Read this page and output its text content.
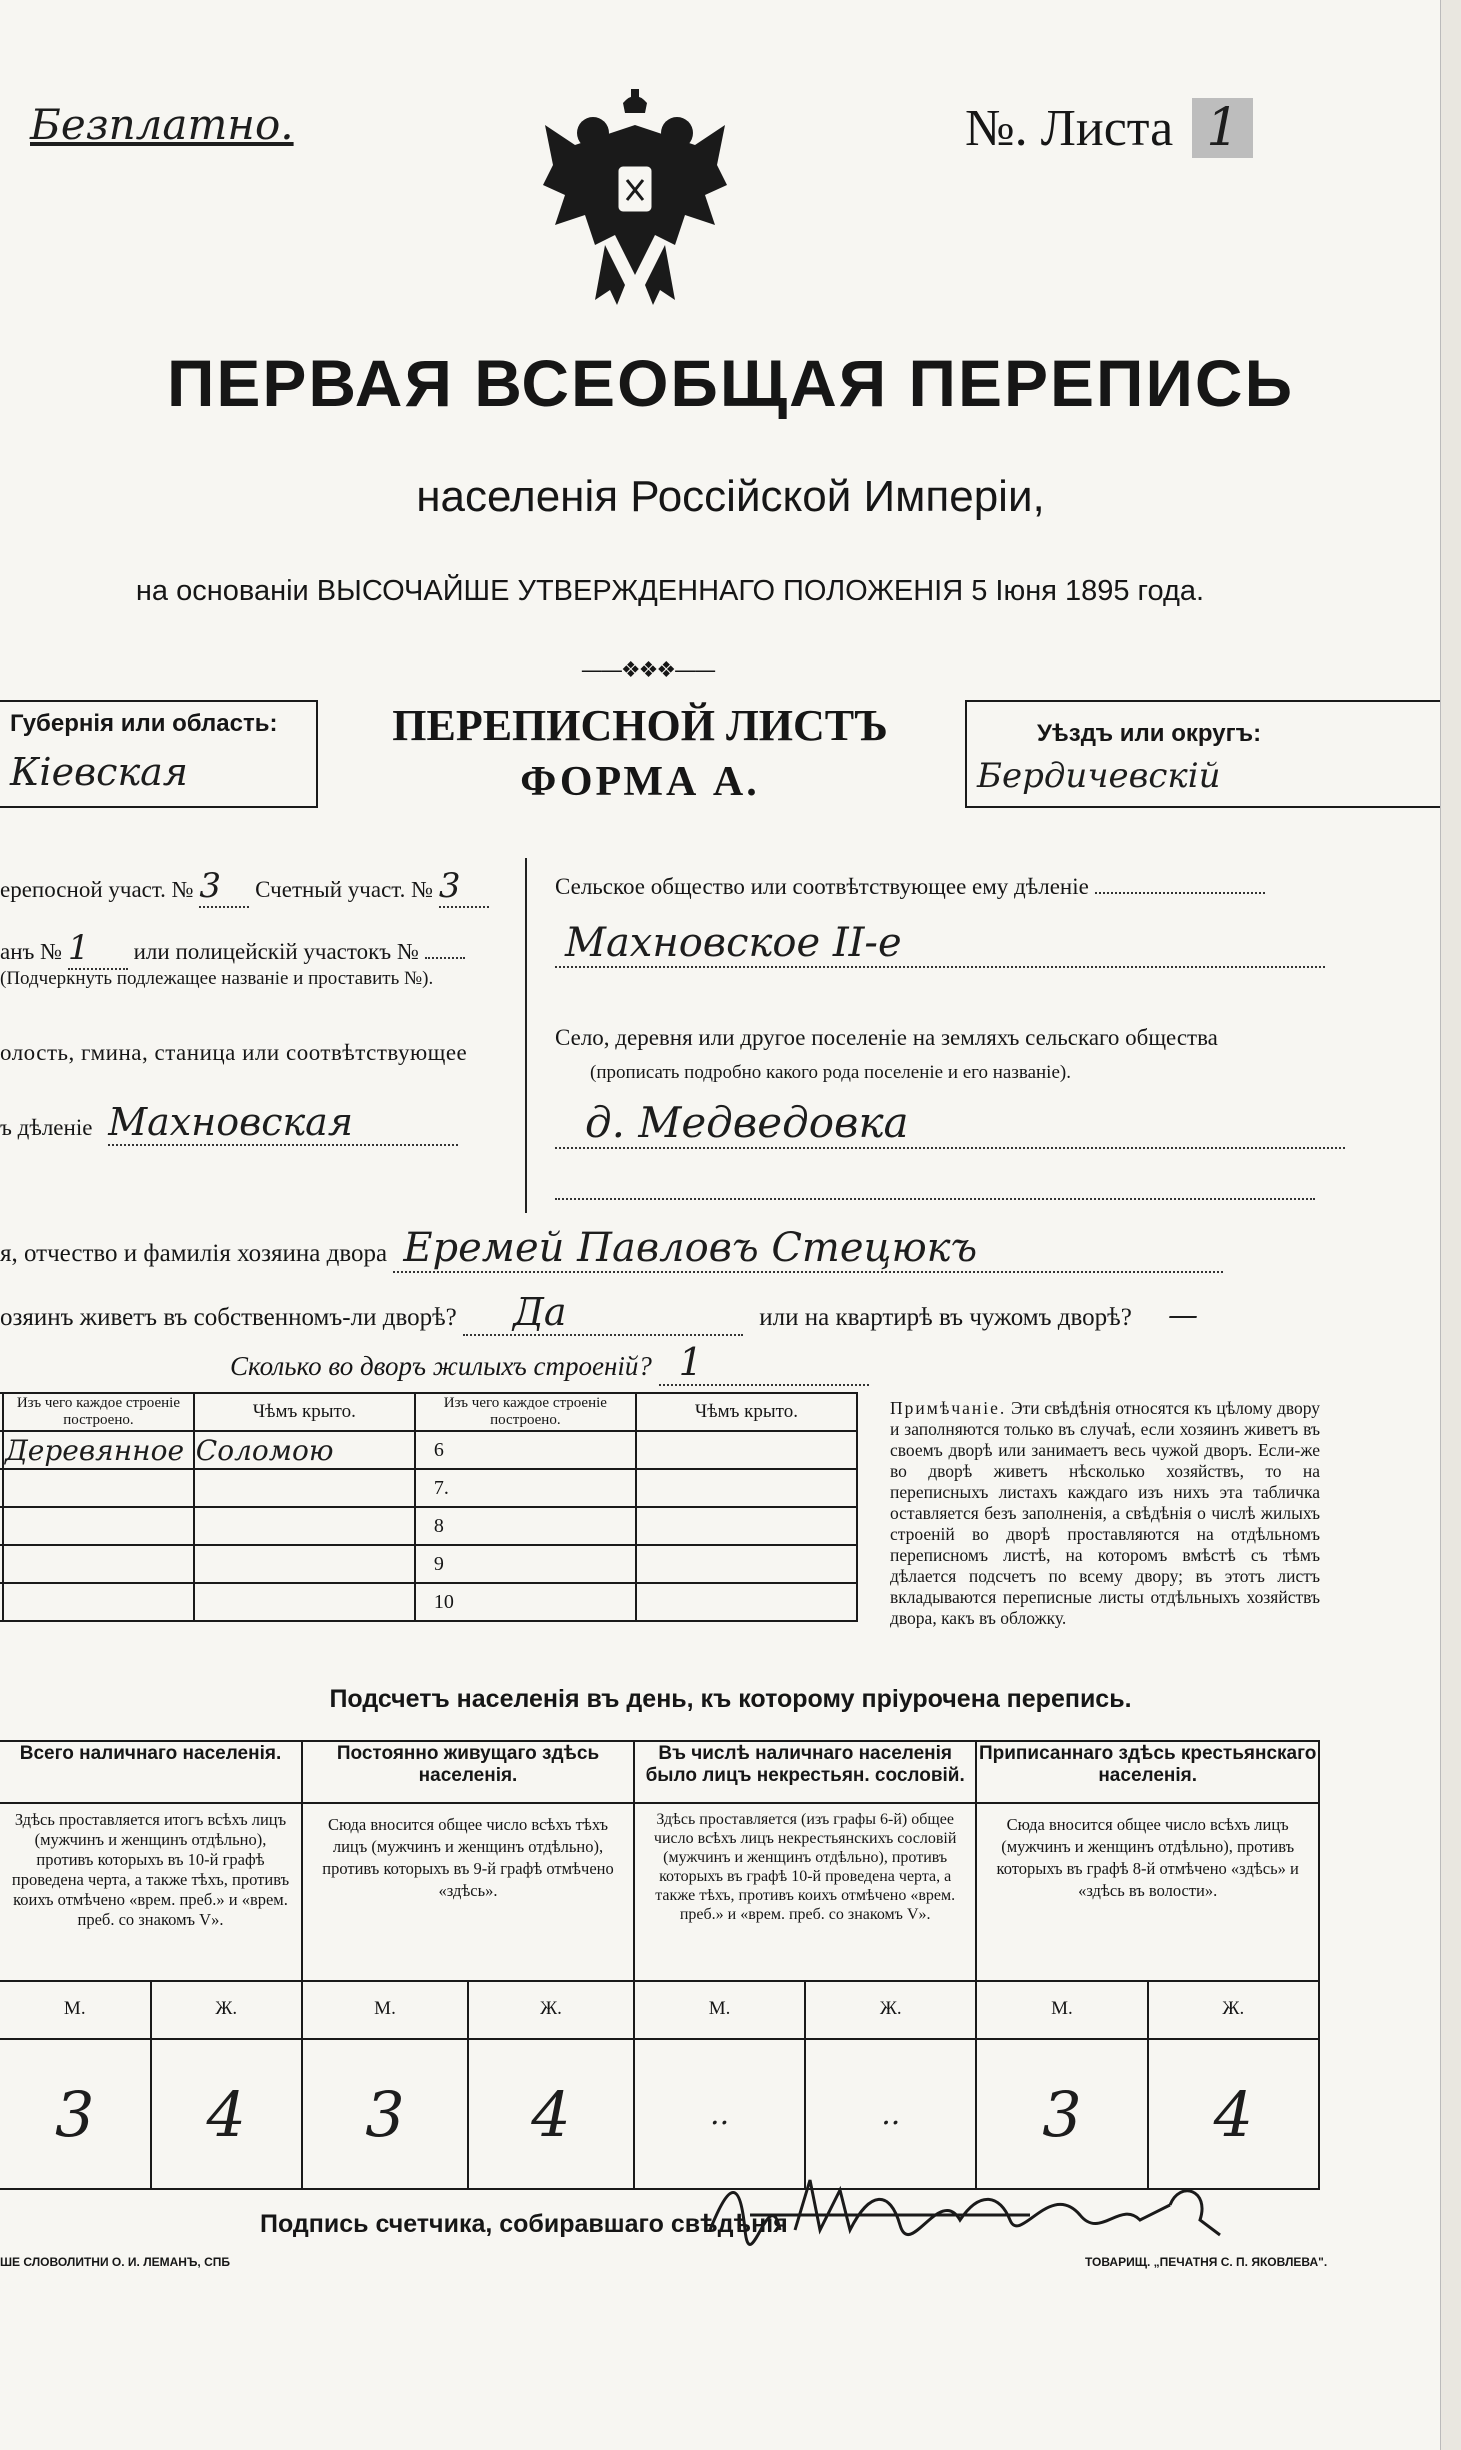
Безплатно.	№. Листа 1
ПЕРВАЯ ВСЕОБЩАЯ ПЕРЕПИСЬ
населенія Россійской Имперіи,
на основаніи ВЫСОЧАЙШЕ УТВЕРЖДЕННАГО ПОЛОЖЕНІЯ 5 Іюня 1895 года.
——❖❖❖——
Губернія или область:
Кіевская
ПЕРЕПИСНОЙ ЛИСТЪ
ФОРМА А.
Уѣздъ или округъ:
Бердичевскій
ерепосной участ. № 3 Счетный участ. № 3
анъ № 1 или полицейскій участокъ №
(Подчеркнуть подлежащее названіе и проставить №).
олость, гмина, станица или соотвѣтствующее
ъ дѣленіе Махновская
Сельское общество или соотвѣтствующее ему дѣленіе
Махновское II-е
Село, деревня или другое поселеніе на земляхъ сельскаго общества
(прописать подробно какого рода поселеніе и его названіе).
д. Медведовка
я, отчество и фамилія хозяина двора Еремей Павловъ Стецюкъ
озяинъ живетъ въ собственномъ-ли дворѣ? Да	или на квартирѣ въ чужомъ дворѣ? —
Сколько во дворъ жилыхъ строеній? 1
	Изъ чего каждое строеніе построено.	Чѣмъ крыто.	Изъ чего каждое строеніе построено.	Чѣмъ крыто.
	Деревянное	Соломою	6	
			7.	
			8	
			9	
			10	
Примѣчаніе. Эти свѣдѣнія относятся къ цѣлому двору и заполняются только въ случаѣ, если хозяинъ живетъ въ своемъ дворѣ или занимаетъ весь чужой дворъ. Если-же во дворѣ живетъ нѣсколько хозяйствъ, то на переписныхъ листахъ каждаго изъ нихъ эта табличка оставляется безъ заполненія, а свѣдѣнія о числѣ жилыхъ строеній во дворѣ проставляются на отдѣльномъ переписномъ листѣ, на которомъ вмѣстѣ съ тѣмъ дѣлается подсчетъ по всему двору; въ этотъ листъ вкладываются переписные листы отдѣльныхъ хозяйствъ двора, какъ въ обложку.
Подсчетъ населенія въ день, къ которому пріурочена перепись.
Всего наличнаго населенія.		Постоянно живущаго здѣсь населенія.		Въ числѣ наличнаго населенія было лицъ некрестьян. сословій.		Приписаннаго здѣсь крестьянскаго населенія.	
Здѣсь проставляется итогъ всѣхъ лицъ (мужчинъ и женщинъ отдѣльно), противъ которыхъ въ 10-й графѣ проведена черта, а также тѣхъ, противъ коихъ отмѣчено «врем. преб.» и «врем. преб. со знакомъ V».		Сюда вносится общее число всѣхъ тѣхъ лицъ (мужчинъ и женщинъ отдѣльно), противъ которыхъ въ 9-й графѣ отмѣчено «здѣсь».		Здѣсь проставляется (изъ графы 6-й) общее число всѣхъ лицъ некрестьянскихъ сословій (мужчинъ и женщинъ отдѣльно), противъ которыхъ въ графѣ 10-й проведена черта, а также тѣхъ, противъ коихъ отмѣчено «врем. преб.» и «врем. преб. со знакомъ V».		Сюда вносится общее число всѣхъ лицъ (мужчинъ и женщинъ отдѣльно), противъ которыхъ въ графѣ 8-й отмѣчено «здѣсь» и «здѣсь въ волости».	
М.	Ж.	М.	Ж.	М.	Ж.	М.	Ж.
3	4	3	4	..	..	3	4
Подпись счетчика, собиравшаго свѣдѣнія
ШЕ СЛОВОЛИТНИ О. И. ЛЕМАНЪ, СПБ	ТОВАРИЩ. „ПЕЧАТНЯ С. П. ЯКОВЛЕВА".
